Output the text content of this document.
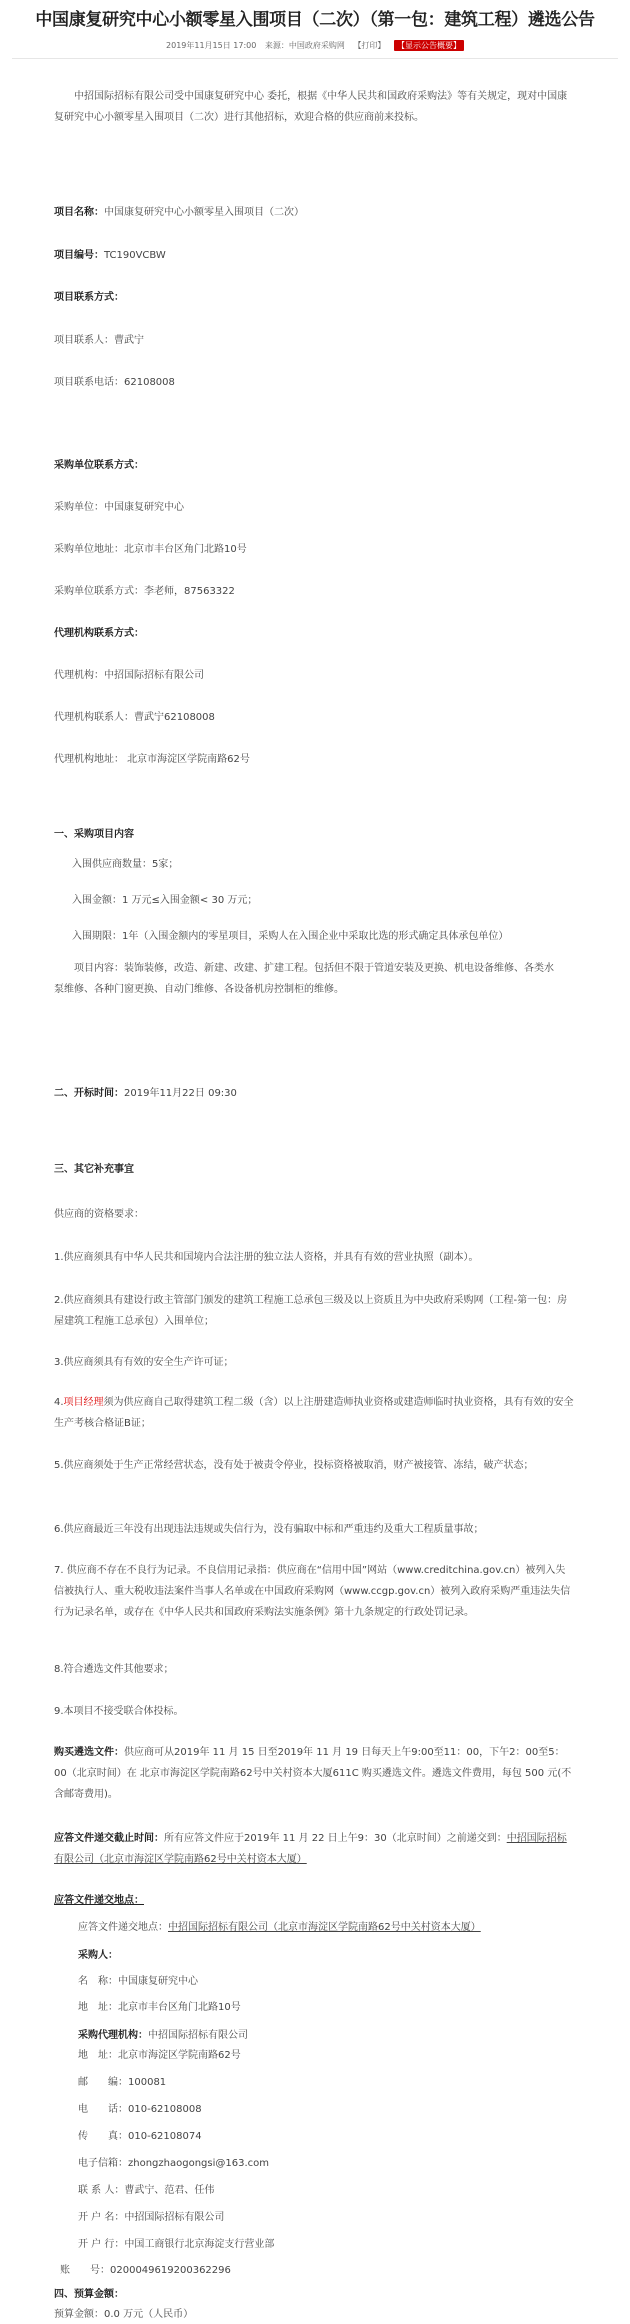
中国康复研究中心小额零星入围项目（二次）（第一包：建筑工程）遴选公告
2019年11月15日 17:00 来源：中国政府采购网 【打印】 【显示公告概要】
中招国际招标有限公司受中国康复研究中心 委托，根据《中华人民共和国政府采购法》等有关规定，现对中国康复研究中心小额零星入围项目（二次）进行其他招标，欢迎合格的供应商前来投标。
项目名称：中国康复研究中心小额零星入围项目（二次）
项目编号：TC190VCBW
项目联系方式：
项目联系人：曹武宁
项目联系电话：62108008
采购单位联系方式：
采购单位：中国康复研究中心
采购单位地址：北京市丰台区角门北路10号
采购单位联系方式：李老师，87563322
代理机构联系方式：
代理机构：中招国际招标有限公司
代理机构联系人：曹武宁62108008
代理机构地址： 北京市海淀区学院南路62号
一、采购项目内容
入围供应商数量：5家；
入围金额：1 万元≤入围金额< 30 万元；
入围期限：1年（入围金额内的零星项目，采购人在入围企业中采取比选的形式确定具体承包单位）
项目内容：装饰装修，改造、新建、改建、扩建工程。包括但不限于管道安装及更换、机电设备维修、各类水泵维修、各种门窗更换、自动门维修、各设备机房控制柜的维修。
二、开标时间：2019年11月22日 09:30
三、其它补充事宜
供应商的资格要求：
1.供应商须具有中华人民共和国境内合法注册的独立法人资格，并具有有效的营业执照（副本）。
2.供应商须具有建设行政主管部门颁发的建筑工程施工总承包三级及以上资质且为中央政府采购网（工程-第一包：房屋建筑工程施工总承包）入围单位；
3.供应商须具有有效的安全生产许可证；
4.项目经理须为供应商自己取得建筑工程二级（含）以上注册建造师执业资格或建造师临时执业资格，具有有效的安全生产考核合格证B证；
5.供应商须处于生产正常经营状态，没有处于被责令停业，投标资格被取消，财产被接管、冻结，破产状态；
6.供应商最近三年没有出现违法违规或失信行为，没有骗取中标和严重违约及重大工程质量事故；
7. 供应商不存在不良行为记录。不良信用记录指：供应商在“信用中国”网站（www.creditchina.gov.cn）被列入失信被执行人、重大税收违法案件当事人名单或在中国政府采购网（www.ccgp.gov.cn）被列入政府采购严重违法失信行为记录名单，或存在《中华人民共和国政府采购法实施条例》第十九条规定的行政处罚记录。
8.符合遴选文件其他要求；
9.本项目不接受联合体投标。
购买遴选文件：供应商可从2019年 11 月 15 日至2019年 11 月 19 日每天上午9:00至11：00，下午2：00至5：00（北京时间）在 北京市海淀区学院南路62号中关村资本大厦611C 购买遴选文件。遴选文件费用，每包 500 元(不含邮寄费用)。
应答文件递交截止时间：所有应答文件应于2019年 11 月 22 日上午9：30（北京时间）之前递交到：中招国际招标有限公司（北京市海淀区学院南路62号中关村资本大厦）
应答文件递交地点：
应答文件递交地点：中招国际招标有限公司（北京市海淀区学院南路62号中关村资本大厦）
采购人：
名　称：中国康复研究中心
地　址：北京市丰台区角门北路10号
采购代理机构：中招国际招标有限公司
地　址：北京市海淀区学院南路62号
邮　　编：100081
电　　话：010-62108008
传　　真：010-62108074
电子信箱：zhongzhaogongsi@163.com
联 系 人：曹武宁、范君、任伟
开 户 名：中招国际招标有限公司
开 户 行：中国工商银行北京海淀支行营业部
账　　号：0200049619200362296
四、预算金额：
预算金额：0.0 万元（人民币）
